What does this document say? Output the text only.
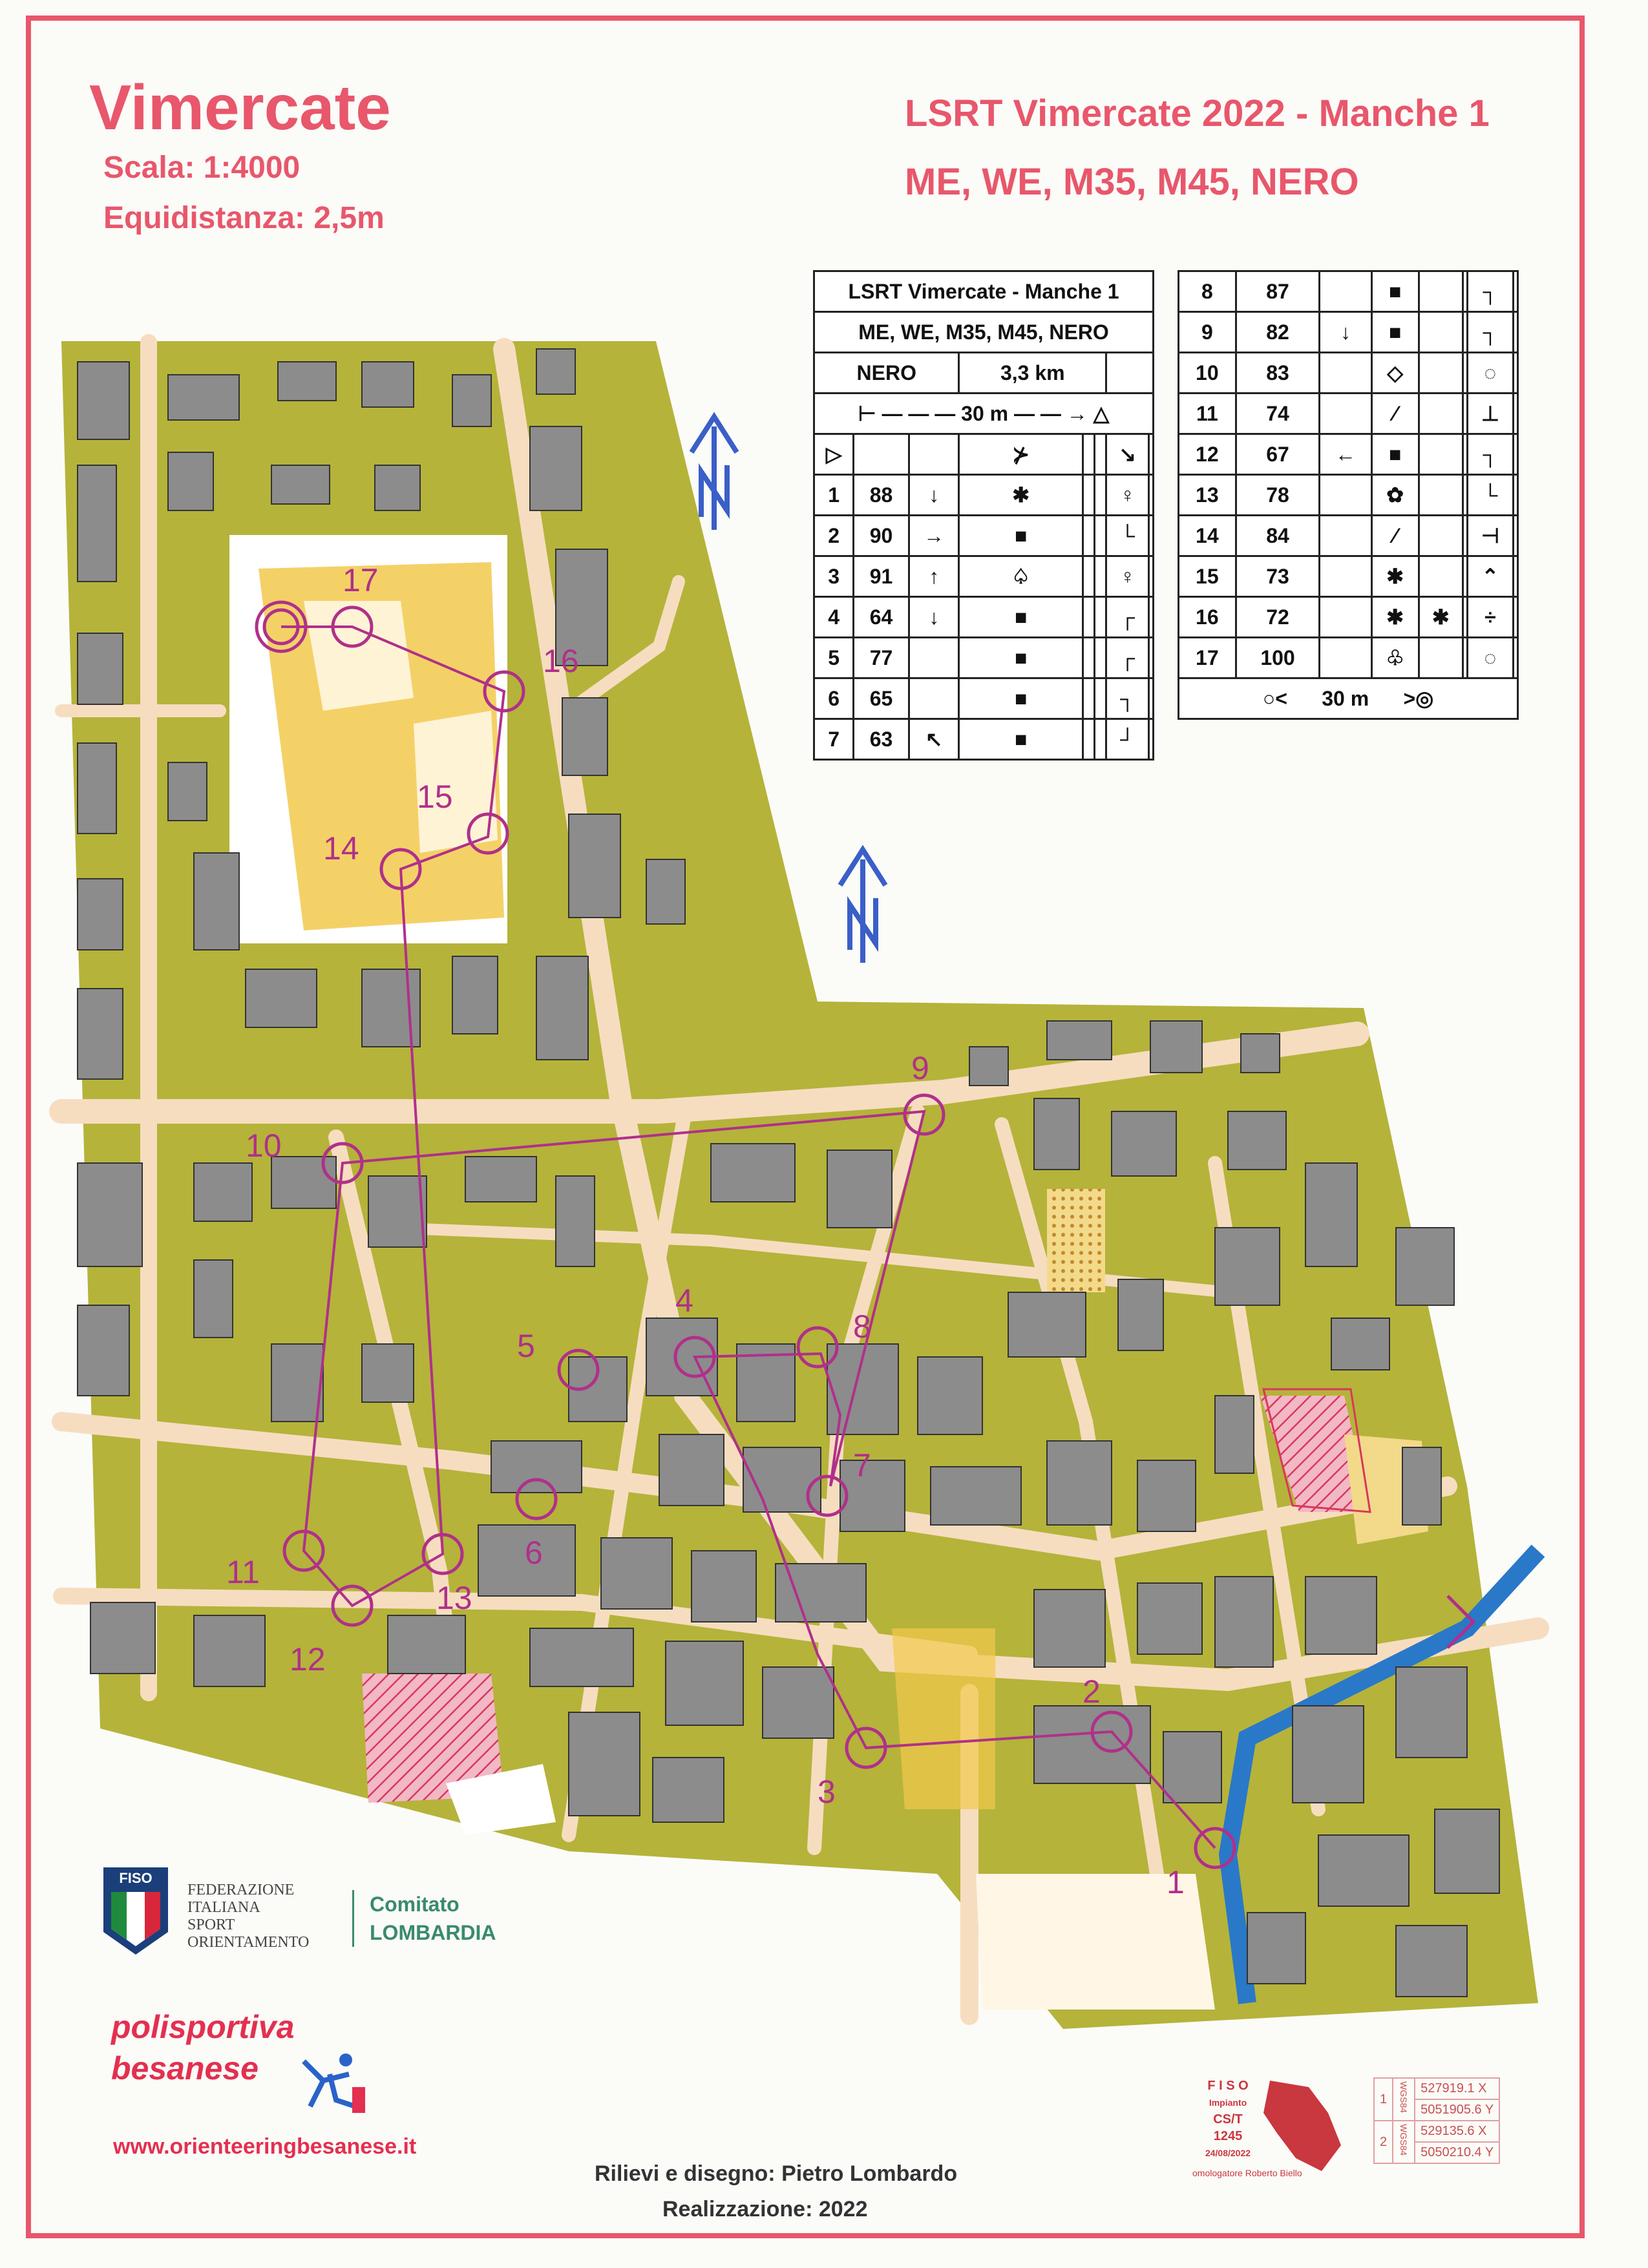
Vimercate
Scala: 1:4000
Equidistanza: 2,5m
LSRT Vimercate 2022 - Manche 1
ME, WE, M35, M45, NERO
1
2
3
4
5
6
7
8
9
10
11
12
13
14
15
16
17
LSRT Vimercate - Manche 1							
ME, WE, M35, M45, NERO							
NERO			3,3 km				
⊢ — — — 30 m — — → △							
▷			⊁			↘	
1	88	↓	✱			♀	
2	90	→	■			└	
3	91	↑	♤			♀	
4	64	↓	■			┌	
5	77		■			┌	
6	65		■			┐	
7	63	↖	■			┘	
8	87		■			┐	
9	82	↓	■			┐	
10	83		◇			◌	
11	74		⁄			⊥	
12	67	←	■			┐	
13	78		✿			└	
14	84		⁄			⊣	
15	73		✱			⌃	
16	72		✱	✱		÷	
17	100		♧			◌	
○<      30 m      >◎							
FISO
FEDERAZIONE
ITALIANA
SPORT
ORIENTAMENTO
Comitato
LOMBARDIA
polisportiva
besanese
www.orienteeringbesanese.it
Rilievi e disegno: Pietro Lombardo
Realizzazione: 2022
F I S O
Impianto
CS/T
1245
24/08/2022
omologatore Roberto Biello
1	WGS84	527919.1 X
		5051905.6 Y
2	WGS84	529135.6 X
		5050210.4 Y
